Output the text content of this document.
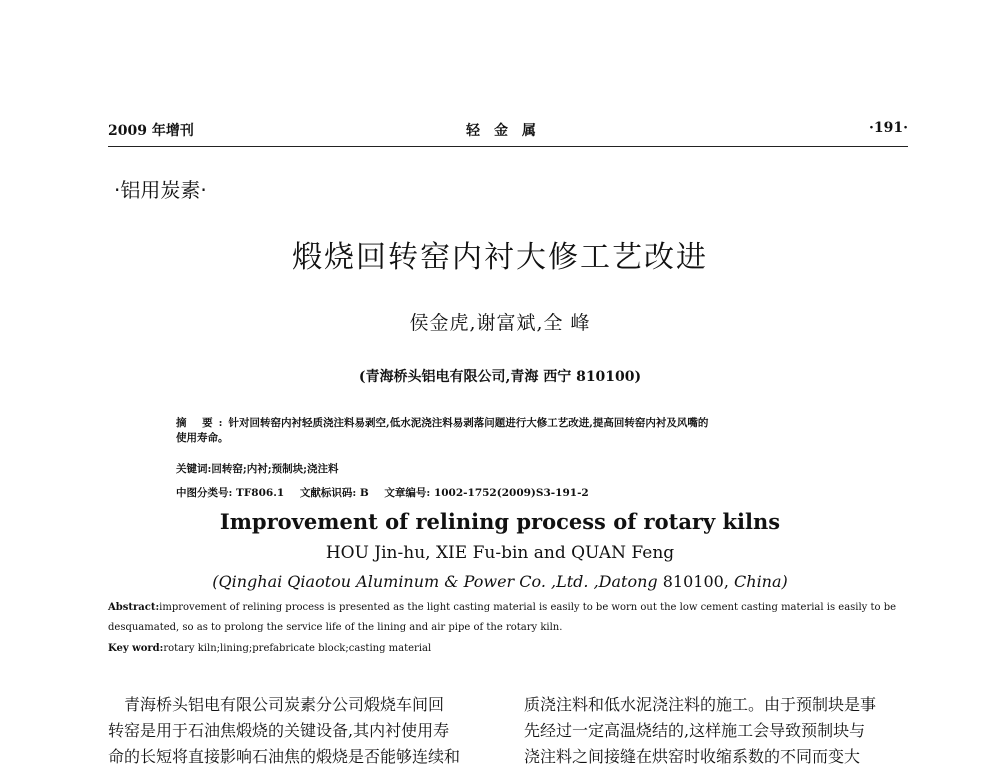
2009 年增刊	轻金属	·191·
·铝用炭素·
煅烧回转窑内衬大修工艺改进
侯金虎,谢富斌,全 峰
(青海桥头铝电有限公司,青海 西宁 810100)
摘 要:针对回转窑内衬轻质浇注料易剥空,低水泥浇注料易剥落问题进行大修工艺改进,提高回转窑内衬及风嘴的
使用寿命。
关键词:回转窑;内衬;预制块;浇注料
中图分类号: TF806.1 文献标识码: B 文章编号: 1002-1752(2009)S3-191-2
Improvement of relining process of rotary kilns
HOU Jin-hu, XIE Fu-bin and QUAN Feng
(Qinghai Qiaotou Aluminum & Power Co. ,Ltd. ,Datong 810100, China)
Abstract:improvement of relining process is presented as the light casting material is easily to be worn out the low cement casting material is easily to be
desquamated, so as to prolong the service life of the lining and air pipe of the rotary kiln.
Key word:rotary kiln;lining;prefabricate block;casting material

 青海桥头铝电有限公司炭素分公司煅烧车间回

转窑是用于石油焦煅烧的关键设备,其内衬使用寿

命的长短将直接影响石油焦的煅烧是否能够连续和

质浇注料和低水泥浇注料的施工。由于预制块是事

先经过一定高温烧结的,这样施工会导致预制块与

浇注料之间接缝在烘窑时收缩系数的不同而变大
